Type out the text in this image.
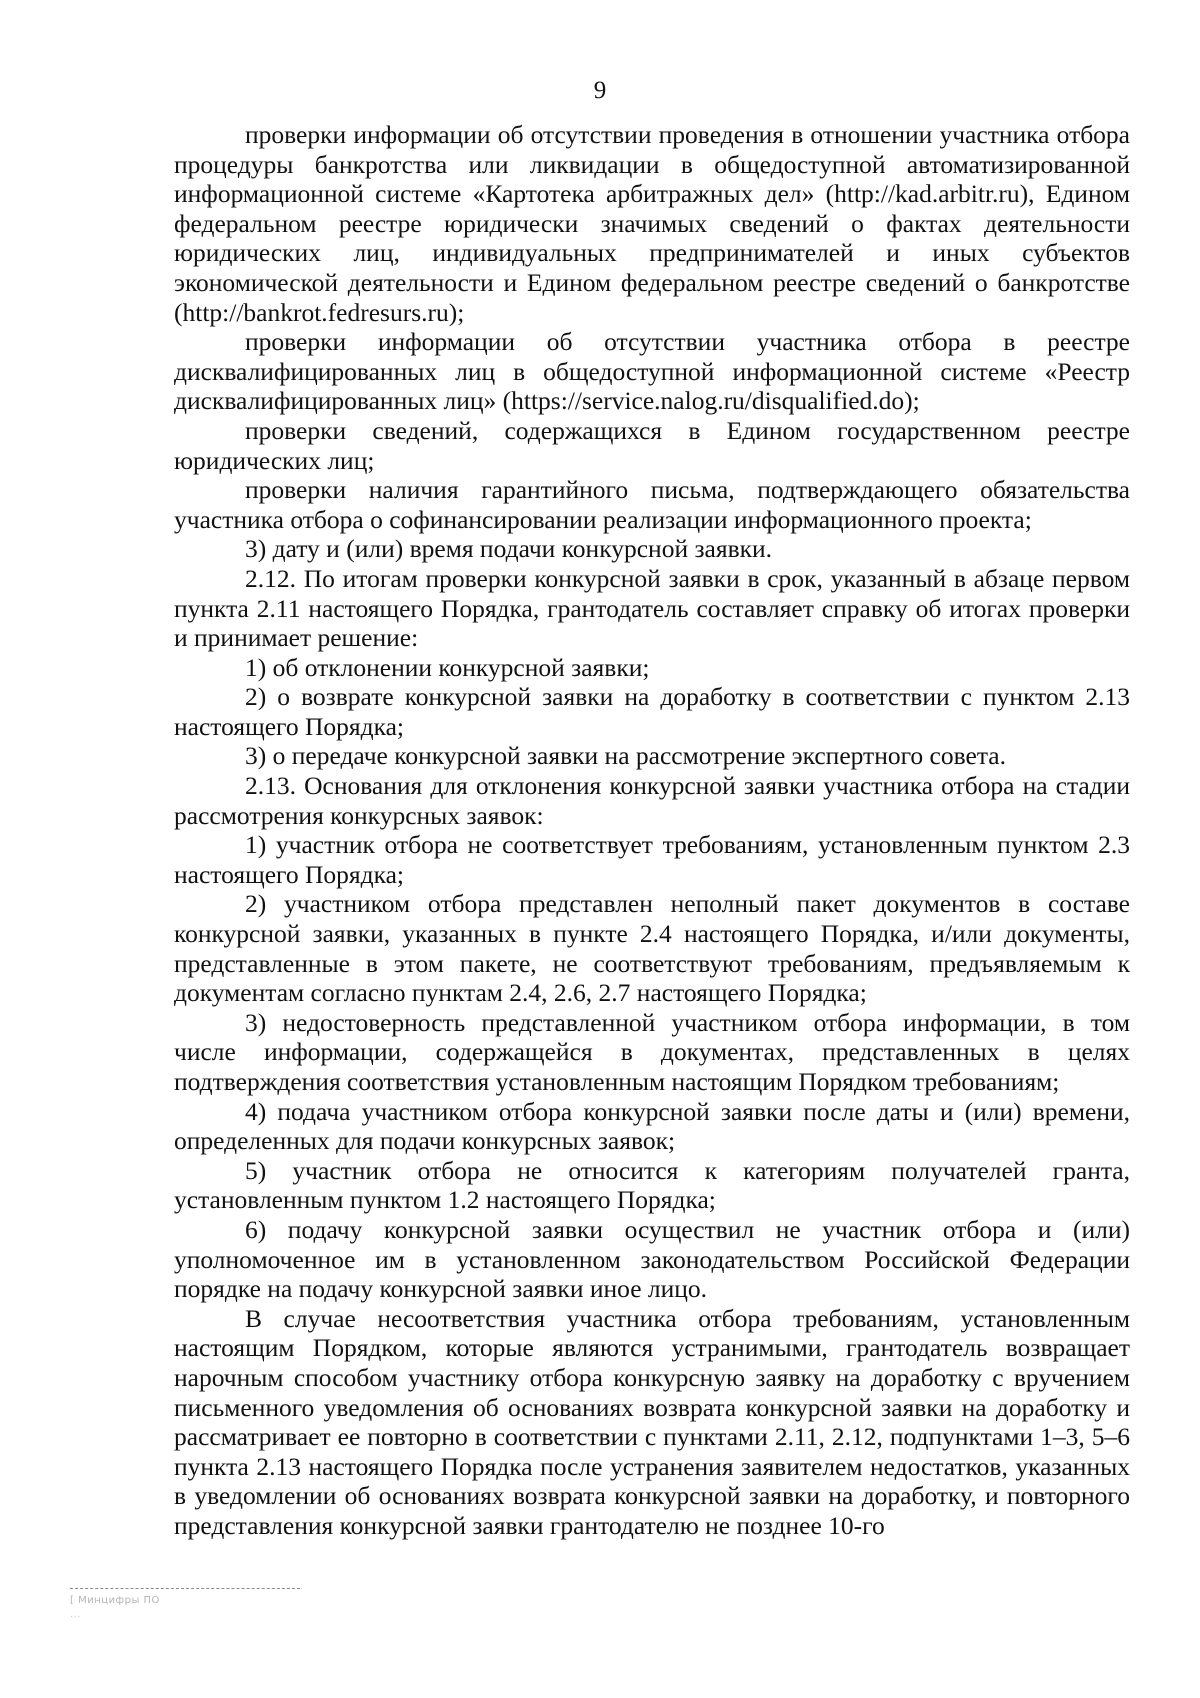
9

проверки информации об отсутствии проведения в отношении участника отбора процедуры банкротства или ликвидации в общедоступной автоматизированной информационной системе «Картотека арбитражных дел» (http://kad.arbitr.ru), Едином федеральном реестре юридически значимых сведений о фактах деятельности юридических лиц, индивидуальных предпринимателей и иных субъектов экономической деятельности и Едином федеральном реестре сведений о банкротстве (http://bankrot.fedresurs.ru);

проверки информации об отсутствии участника отбора в реестре дисквалифицированных лиц в общедоступной информационной системе «Реестр дисквалифицированных лиц» (https://service.nalog.ru/disqualified.do);

проверки сведений, содержащихся в Едином государственном реестре юридических лиц;

проверки наличия гарантийного письма, подтверждающего обязательства участника отбора о софинансировании реализации информационного проекта;

3) дату и (или) время подачи конкурсной заявки.

2.12. По итогам проверки конкурсной заявки в срок, указанный в абзаце первом пункта 2.11 настоящего Порядка, грантодатель составляет справку об итогах проверки и принимает решение:

1) об отклонении конкурсной заявки;

2) о возврате конкурсной заявки на доработку в соответствии с пунктом 2.13 настоящего Порядка;

3) о передаче конкурсной заявки на рассмотрение экспертного совета.

2.13. Основания для отклонения конкурсной заявки участника отбора на стадии рассмотрения конкурсных заявок:

1) участник отбора не соответствует требованиям, установленным пунктом 2.3 настоящего Порядка;

2) участником отбора представлен неполный пакет документов в составе конкурсной заявки, указанных в пункте 2.4 настоящего Порядка, и/или документы, представленные в этом пакете, не соответствуют требованиям, предъявляемым к документам согласно пунктам 2.4, 2.6, 2.7 настоящего Порядка;

3) недостоверность представленной участником отбора информации, в том числе информации, содержащейся в документах, представленных в целях подтверждения соответствия установленным настоящим Порядком требованиям;

4) подача участником отбора конкурсной заявки после даты и (или) времени, определенных для подачи конкурсных заявок;

5) участник отбора не относится к категориям получателей гранта, установленным пунктом 1.2 настоящего Порядка;

6) подачу конкурсной заявки осуществил не участник отбора и (или) уполномоченное им в установленном законодательством Российской Федерации порядке на подачу конкурсной заявки иное лицо.

В случае несоответствия участника отбора требованиям, установленным настоящим Порядком, которые являются устранимыми, грантодатель возвращает нарочным способом участнику отбора конкурсную заявку на доработку с вручением письменного уведомления об основаниях возврата конкурсной заявки на доработку и рассматривает ее повторно в соответствии с пунктами 2.11, 2.12, подпунктами 1–3, 5–6 пункта 2.13 настоящего Порядка после устранения заявителем недостатков, указанных в уведомлении об основаниях возврата конкурсной заявки на доработку, и повторного представления конкурсной заявки грантодателю не позднее 10-го

[ Минцифры ПО
...
